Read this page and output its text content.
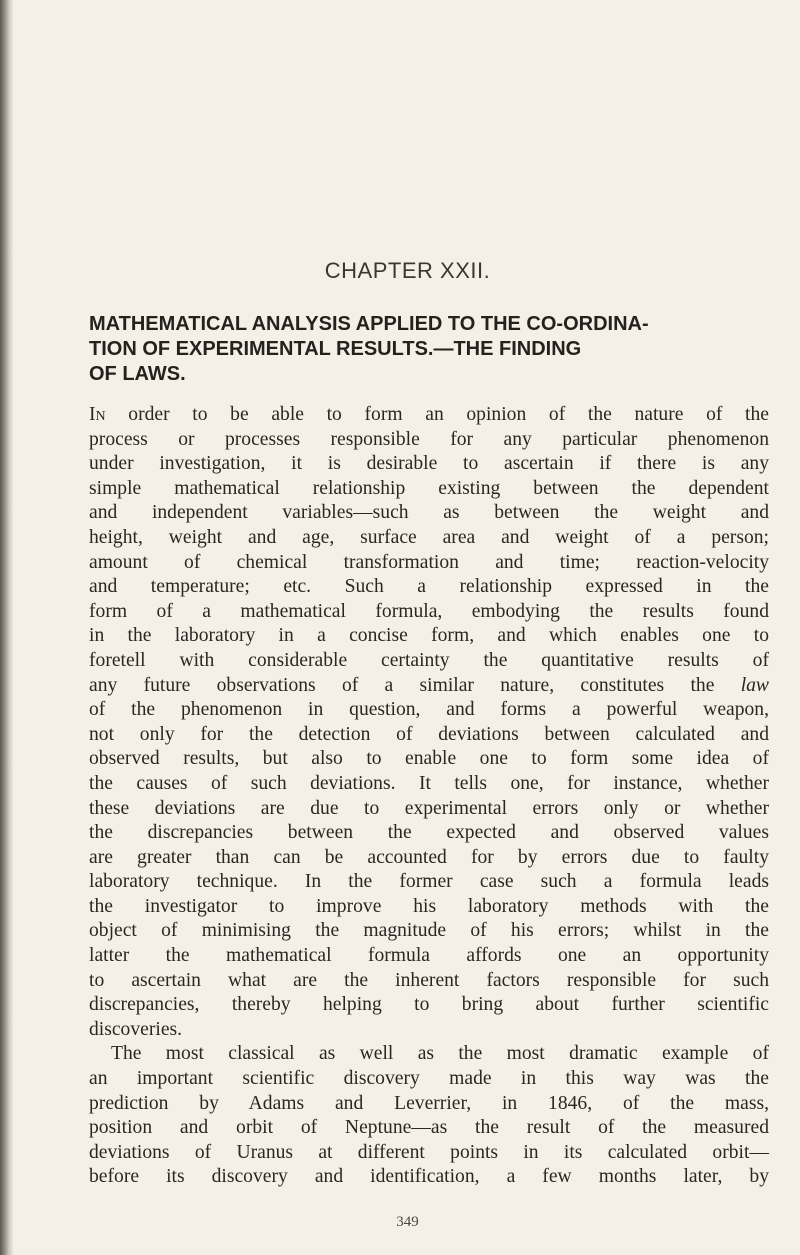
CHAPTER XXII.
MATHEMATICAL ANALYSIS APPLIED TO THE CO-ORDINA-
TION OF EXPERIMENTAL RESULTS.—THE FINDING
OF LAWS.
In order to be able to form an opinion of the nature of the
process or processes responsible for any particular phenomenon
under investigation, it is desirable to ascertain if there is any
simple mathematical relationship existing between the dependent
and independent variables—such as between the weight and
height, weight and age, surface area and weight of a person;
amount of chemical transformation and time; reaction-velocity
and temperature; etc. Such a relationship expressed in the
form of a mathematical formula, embodying the results found
in the laboratory in a concise form, and which enables one to
foretell with considerable certainty the quantitative results of
any future observations of a similar nature, constitutes the law
of the phenomenon in question, and forms a powerful weapon,
not only for the detection of deviations between calculated and
observed results, but also to enable one to form some idea of
the causes of such deviations. It tells one, for instance, whether
these deviations are due to experimental errors only or whether
the discrepancies between the expected and observed values
are greater than can be accounted for by errors due to faulty
laboratory technique. In the former case such a formula leads
the investigator to improve his laboratory methods with the
object of minimising the magnitude of his errors; whilst in the
latter the mathematical formula affords one an opportunity
to ascertain what are the inherent factors responsible for such
discrepancies, thereby helping to bring about further scientific
discoveries.
The most classical as well as the most dramatic example of
an important scientific discovery made in this way was the
prediction by Adams and Leverrier, in 1846, of the mass,
position and orbit of Neptune—as the result of the measured
deviations of Uranus at different points in its calculated orbit—
before its discovery and identification, a few months later, by
349
